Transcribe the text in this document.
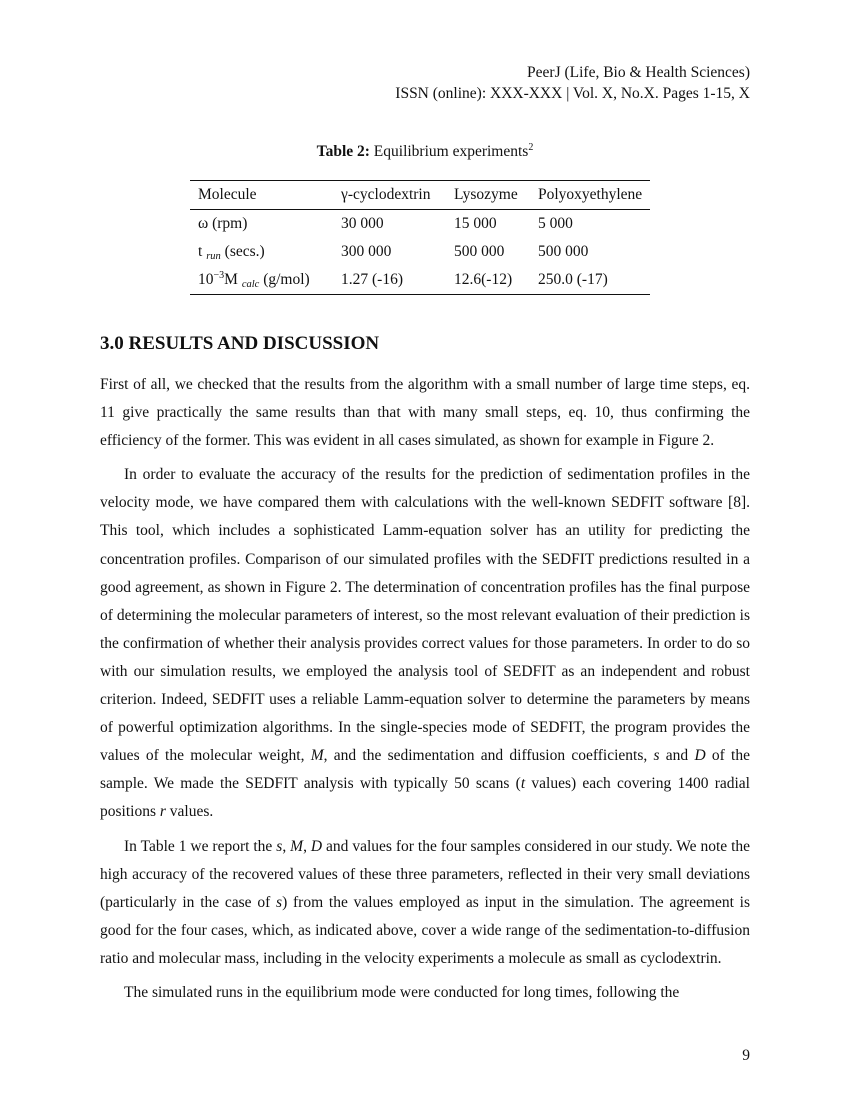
PeerJ (Life, Bio & Health Sciences)
ISSN (online): XXX-XXX | Vol. X, No.X. Pages 1-15, X
Table 2: Equilibrium experiments$^2$
Molecule	γ-cyclodextrin	Lysozyme	Polyoxyethylene
ω (rpm)	30 000	15 000	5 000
t $_{run}$ (secs.)	300 000	500 000	500 000
$10^{-3}M$ $_{calc}$ (g/mol)	1.27 (-16)	12.6(-12)	250.0 (-17)
3.0 RESULTS AND DISCUSSION

First of all, we checked that the results from the algorithm with a small number of large time steps, eq. 11 give practically the same results than that with many small steps, eq. 10, thus confirming the efficiency of the former. This was evident in all cases simulated, as shown for example in Figure 2.

In order to evaluate the accuracy of the results for the prediction of sedimentation profiles in the velocity mode, we have compared them with calculations with the well-known SEDFIT software [8]. This tool, which includes a sophisticated Lamm-equation solver has an utility for predicting the concentration profiles. Comparison of our simulated profiles with the SEDFIT predictions resulted in a good agreement, as shown in Figure 2. The determination of concentration profiles has the final purpose of determining the molecular parameters of interest, so the most relevant evaluation of their prediction is the confirmation of whether their analysis provides correct values for those parameters. In order to do so with our simulation results, we employed the analysis tool of SEDFIT as an independent and robust criterion. Indeed, SEDFIT uses a reliable Lamm-equation solver to determine the parameters by means of powerful optimization algorithms. In the single-species mode of SEDFIT, the program provides the values of the molecular weight, M, and the sedimentation and diffusion coefficients, s and D of the sample. We made the SEDFIT analysis with typically 50 scans (t values) each covering 1400 radial positions r values.

In Table 1 we report the s, M, D and values for the four samples considered in our study. We note the high accuracy of the recovered values of these three parameters, reflected in their very small deviations (particularly in the case of s) from the values employed as input in the simulation. The agreement is good for the four cases, which, as indicated above, cover a wide range of the sedimentation-to-diffusion ratio and molecular mass, including in the velocity experiments a molecule as small as cyclodextrin.

The simulated runs in the equilibrium mode were conducted for long times, following the

9
